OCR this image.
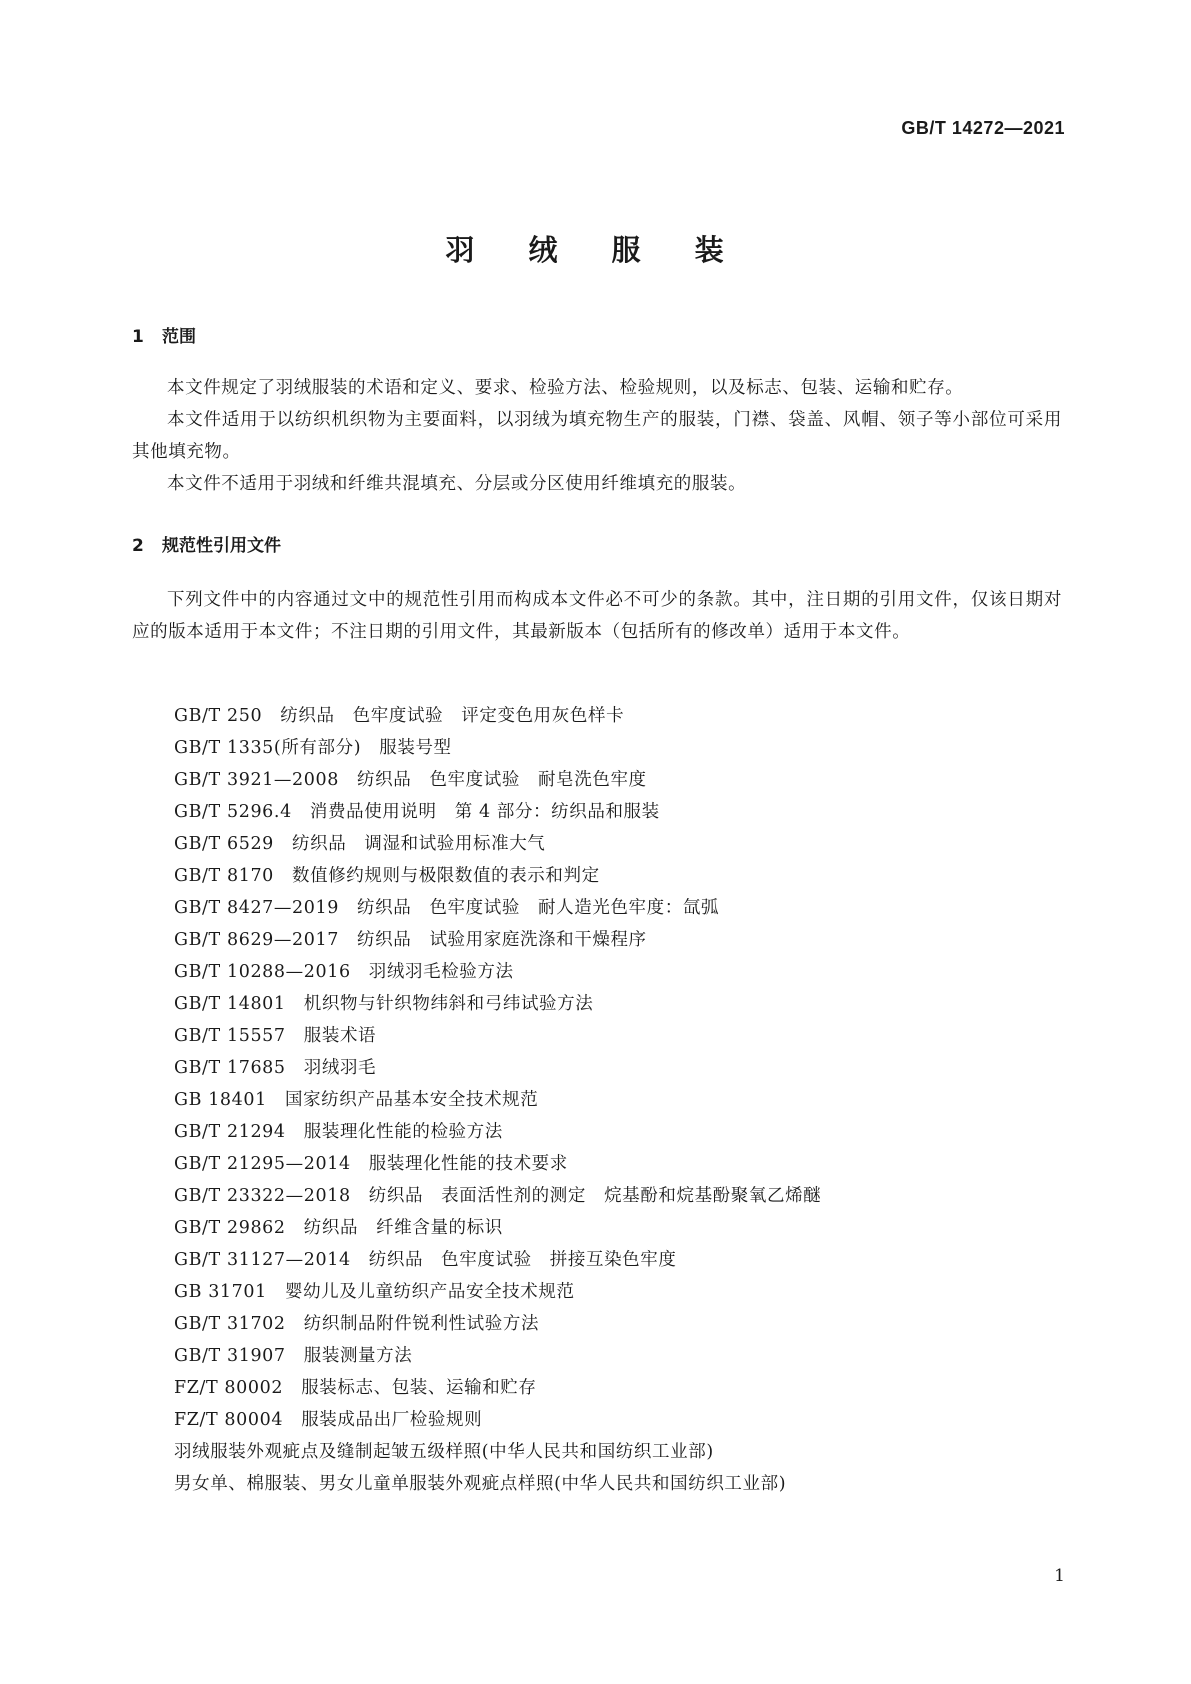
GB/T 14272—2021
羽 绒 服 装
1 范围

本文件规定了羽绒服装的术语和定义、要求、检验方法、检验规则，以及标志、包装、运输和贮存。

本文件适用于以纺织机织物为主要面料，以羽绒为填充物生产的服装，门襟、袋盖、风帽、领子等小部位可采用其他填充物。

本文件不适用于羽绒和纤维共混填充、分层或分区使用纤维填充的服装。

2 规范性引用文件

下列文件中的内容通过文中的规范性引用而构成本文件必不可少的条款。其中，注日期的引用文件，仅该日期对应的版本适用于本文件；不注日期的引用文件，其最新版本（包括所有的修改单）适用于本文件。

GB/T 250　纺织品　色牢度试验　评定变色用灰色样卡
GB/T 1335(所有部分)　服装号型
GB/T 3921—2008　纺织品　色牢度试验　耐皂洗色牢度
GB/T 5296.4　消费品使用说明　第 4 部分：纺织品和服装
GB/T 6529　纺织品　调湿和试验用标准大气
GB/T 8170　数值修约规则与极限数值的表示和判定
GB/T 8427—2019　纺织品　色牢度试验　耐人造光色牢度：氙弧
GB/T 8629—2017　纺织品　试验用家庭洗涤和干燥程序
GB/T 10288—2016　羽绒羽毛检验方法
GB/T 14801　机织物与针织物纬斜和弓纬试验方法
GB/T 15557　服装术语
GB/T 17685　羽绒羽毛
GB 18401　国家纺织产品基本安全技术规范
GB/T 21294　服装理化性能的检验方法
GB/T 21295—2014　服装理化性能的技术要求
GB/T 23322—2018　纺织品　表面活性剂的测定　烷基酚和烷基酚聚氧乙烯醚
GB/T 29862　纺织品　纤维含量的标识
GB/T 31127—2014　纺织品　色牢度试验　拼接互染色牢度
GB 31701　婴幼儿及儿童纺织产品安全技术规范
GB/T 31702　纺织制品附件锐利性试验方法
GB/T 31907　服装测量方法
FZ/T 80002　服装标志、包装、运输和贮存
FZ/T 80004　服装成品出厂检验规则
羽绒服装外观疵点及缝制起皱五级样照(中华人民共和国纺织工业部)
男女单、棉服装、男女儿童单服装外观疵点样照(中华人民共和国纺织工业部)
1
